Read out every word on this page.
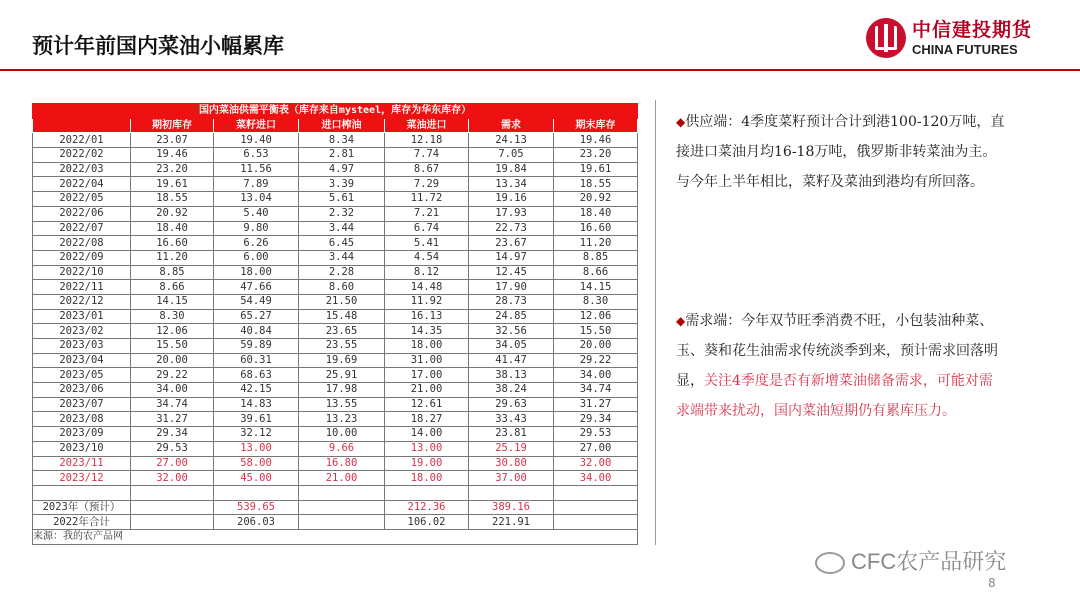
预计年前国内菜油小幅累库
中信建投期货
CHINA FUTURES
国内菜油供需平衡表（库存来自mysteel，库存为华东库存）						
	期初库存	菜籽进口	进口榨油	菜油进口	需求	期末库存
2022/01	23.07	19.40	8.34	12.18	24.13	19.46
2022/02	19.46	6.53	2.81	7.74	7.05	23.20
2022/03	23.20	11.56	4.97	8.67	19.84	19.61
2022/04	19.61	7.89	3.39	7.29	13.34	18.55
2022/05	18.55	13.04	5.61	11.72	19.16	20.92
2022/06	20.92	5.40	2.32	7.21	17.93	18.40
2022/07	18.40	9.80	3.44	6.74	22.73	16.60
2022/08	16.60	6.26	6.45	5.41	23.67	11.20
2022/09	11.20	6.00	3.44	4.54	14.97	8.85
2022/10	8.85	18.00	2.28	8.12	12.45	8.66
2022/11	8.66	47.66	8.60	14.48	17.90	14.15
2022/12	14.15	54.49	21.50	11.92	28.73	8.30
2023/01	8.30	65.27	15.48	16.13	24.85	12.06
2023/02	12.06	40.84	23.65	14.35	32.56	15.50
2023/03	15.50	59.89	23.55	18.00	34.05	20.00
2023/04	20.00	60.31	19.69	31.00	41.47	29.22
2023/05	29.22	68.63	25.91	17.00	38.13	34.00
2023/06	34.00	42.15	17.98	21.00	38.24	34.74
2023/07	34.74	14.83	13.55	12.61	29.63	31.27
2023/08	31.27	39.61	13.23	18.27	33.43	29.34
2023/09	29.34	32.12	10.00	14.00	23.81	29.53
2023/10	29.53	13.00	9.66	13.00	25.19	27.00
2023/11	27.00	58.00	16.80	19.00	30.80	32.00
2023/12	32.00	45.00	21.00	18.00	37.00	34.00

2023年（预计）		539.65		212.36	389.16	
2022年合计		206.03		106.02	221.91	
来源：我的农产品网						
◆供应端：4季度菜籽预计合计到港100-120万吨，直接进口菜油月均16-18万吨，俄罗斯非转菜油为主。与今年上半年相比，菜籽及菜油到港均有所回落。
◆需求端：今年双节旺季消费不旺，小包装油种菜、玉、葵和花生油需求传统淡季到来，预计需求回落明显，关注4季度是否有新增菜油储备需求，可能对需求端带来扰动，国内菜油短期仍有累库压力。
CFC农产品研究
8
